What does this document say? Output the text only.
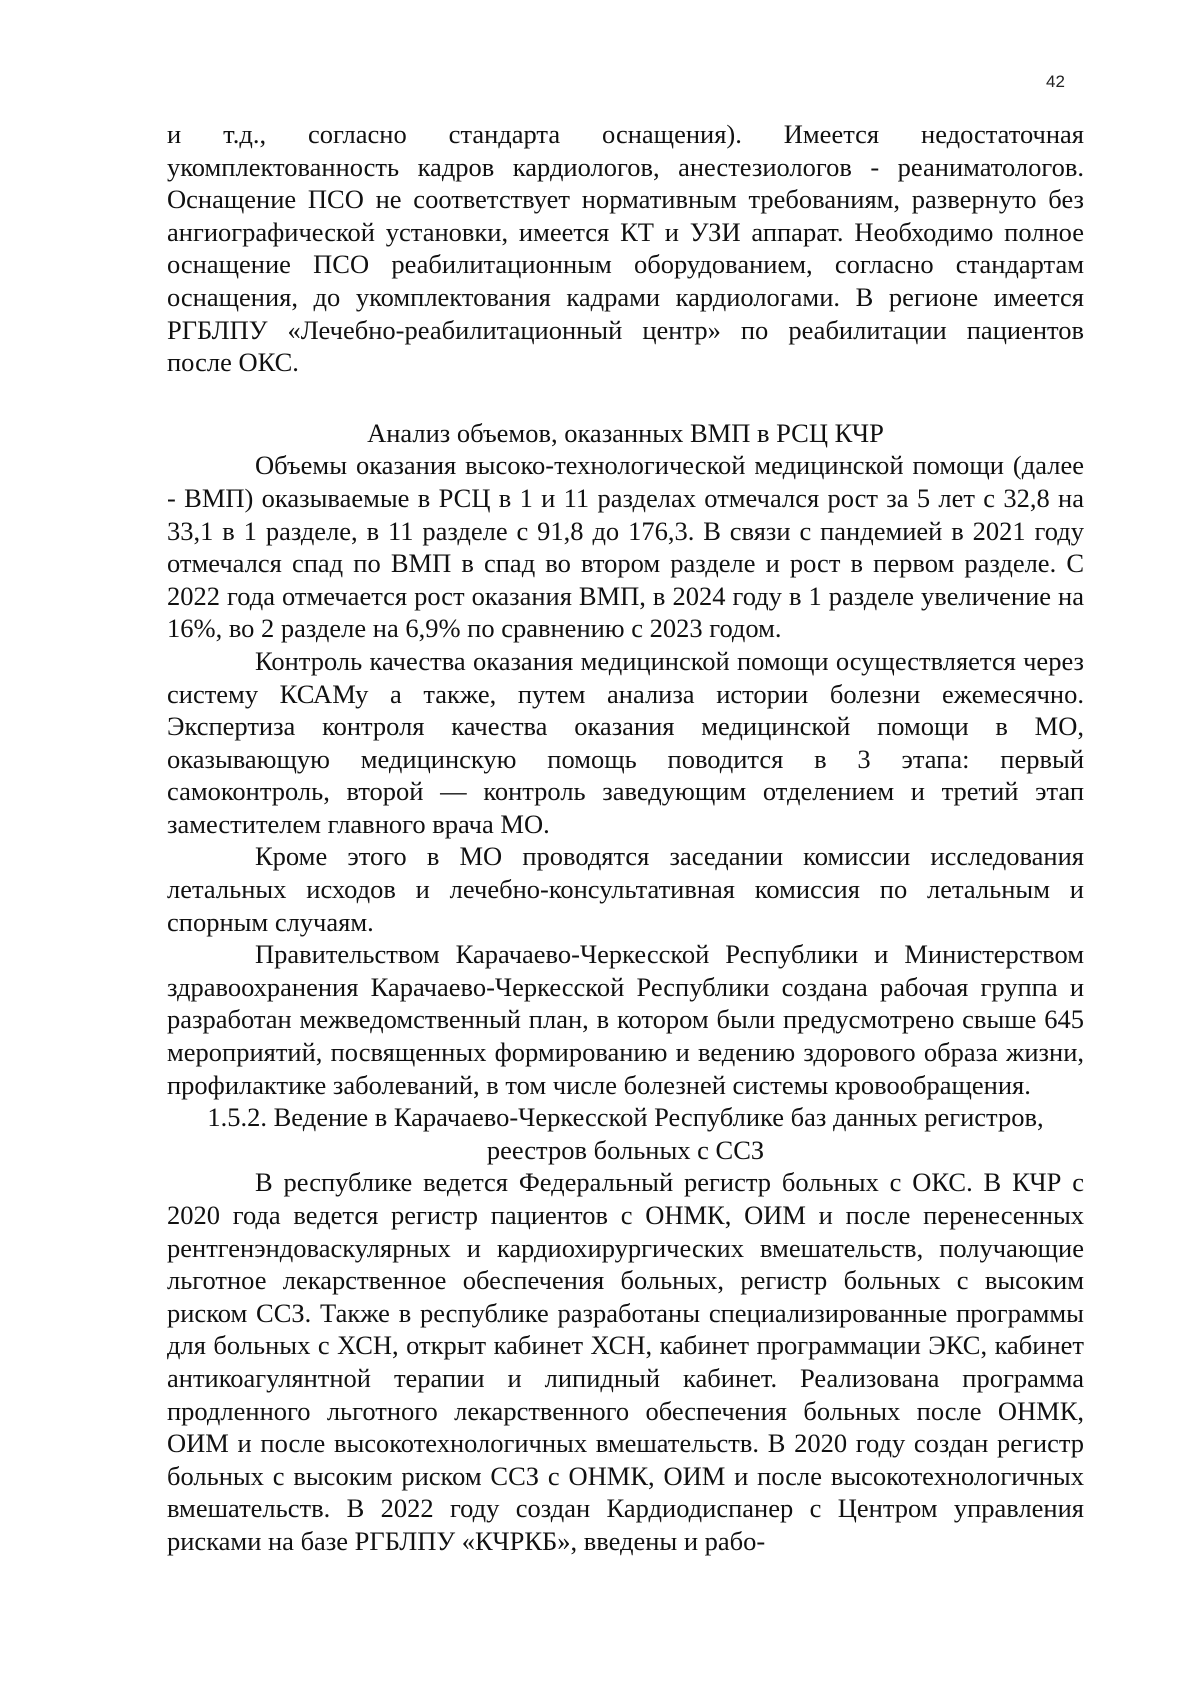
42

и т.д., согласно стандарта оснащения). Имеется недостаточная укомплектованность кадров кардиологов, анестезиологов - реаниматологов. Оснащение ПСО не соответствует нормативным требованиям, развернуто без ангиографической установки, имеется КТ и УЗИ аппарат. Необходимо полное оснащение ПСО реабилитационным оборудованием, согласно стандартам оснащения, до укомплектования кадрами кардиологами. В регионе имеется РГБЛПУ «Лечебно-реабилитационный центр» по реабилитации пациентов после ОКС.

Анализ объемов, оказанных ВМП в РСЦ КЧР

Объемы оказания высоко-технологической медицинской помощи (далее - ВМП) оказываемые в РСЦ в 1 и 11 разделах отмечался рост за 5 лет с 32,8 на 33,1 в 1 разделе, в 11 разделе с 91,8 до 176,3. В связи с пандемией в 2021 году отмечался спад по ВМП в спад во втором разделе и рост в первом разделе. С 2022 года отмечается рост оказания ВМП, в 2024 году в 1 разделе увеличение на 16%, во 2 разделе на 6,9% по сравнению с 2023 годом.

Контроль качества оказания медицинской помощи осуществляется через систему КСАМу а также, путем анализа истории болезни ежемесячно. Экспертиза контроля качества оказания медицинской помощи в МО, оказывающую медицинскую помощь поводится в 3 этапа: первый самоконтроль, второй — контроль заведующим отделением и третий этап заместителем главного врача МО.

Кроме этого в МО проводятся заседании комиссии исследования летальных исходов и лечебно-консультативная комиссия по летальным и спорным случаям.

Правительством Карачаево-Черкесской Республики и Министерством здравоохранения Карачаево-Черкесской Республики создана рабочая группа и разработан межведомственный план, в котором были предусмотрено свыше 645 мероприятий, посвященных формированию и ведению здорового образа жизни, профилактике заболеваний, в том числе болезней системы кровообращения.

1.5.2. Ведение в Карачаево-Черкесской Республике баз данных регистров,

реестров больных с ССЗ

В республике ведется Федеральный регистр больных с ОКС. В КЧР с 2020 года ведется регистр пациентов с ОНМК, ОИМ и после перенесенных рентгенэндоваскулярных и кардиохирургических вмешательств, получающие льготное лекарственное обеспечения больных, регистр больных с высоким риском ССЗ. Также в республике разработаны специализированные программы для больных с ХСН, открыт кабинет ХСН, кабинет программации ЭКС, кабинет антикоагулянтной терапии и липидный кабинет. Реализована программа продленного льготного лекарственного обеспечения больных после ОНМК, ОИМ и после высокотехнологичных вмешательств. В 2020 году создан регистр больных с высоким риском ССЗ с ОНМК, ОИМ и после высокотехнологичных вмешательств. В 2022 году создан Кардиодиспанер с Центром управления рисками на базе РГБЛПУ «КЧРКБ», введены и рабо-
